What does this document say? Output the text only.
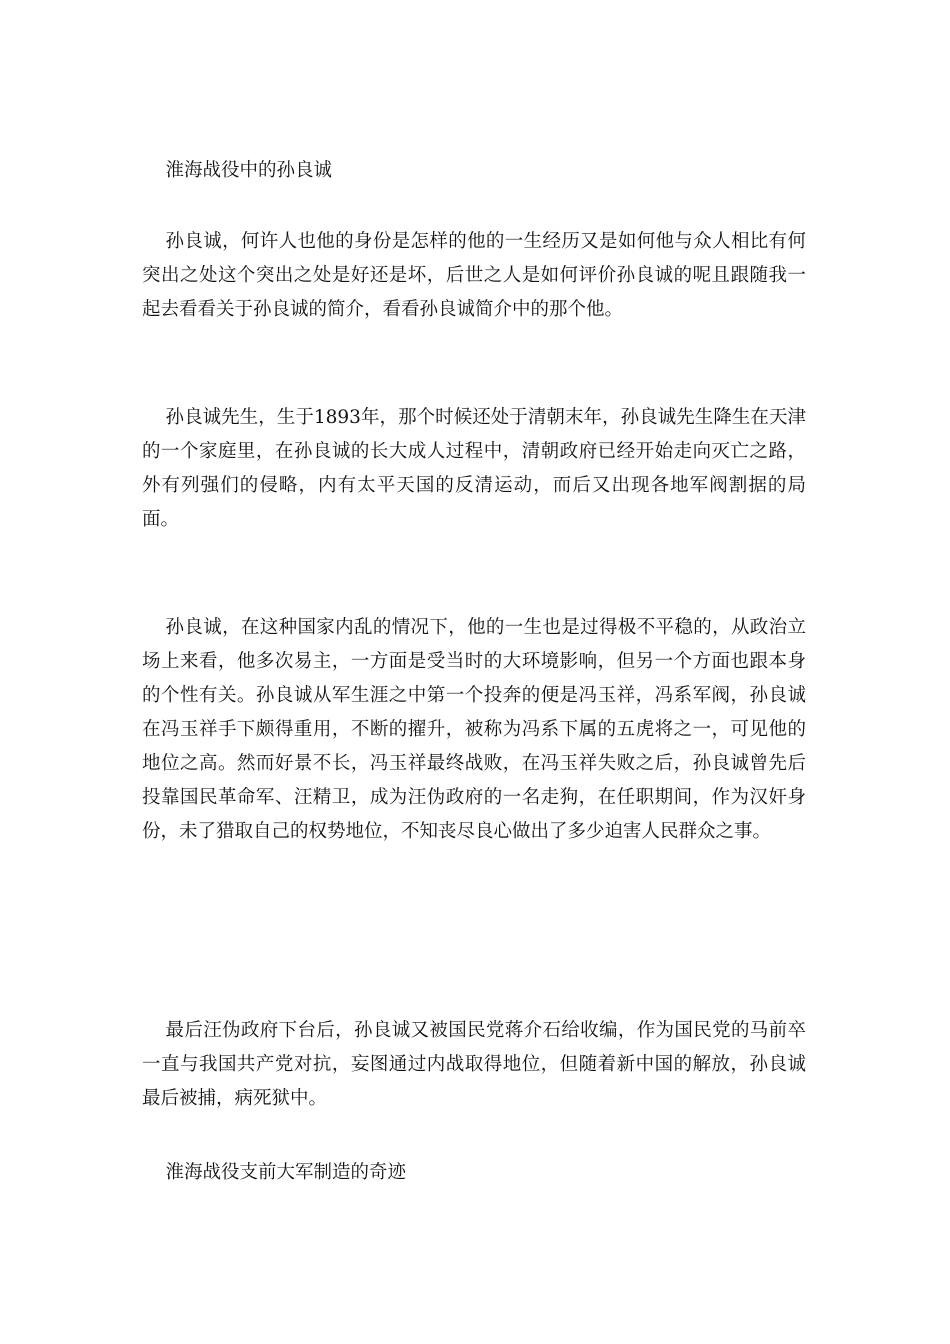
淮海战役中的孙良诚

孙良诚，何许人也他的身份是怎样的他的一生经历又是如何他与众人相比有何突出之处这个突出之处是好还是坏，后世之人是如何评价孙良诚的呢且跟随我一起去看看关于孙良诚的简介，看看孙良诚简介中的那个他。

孙良诚先生，生于1893年，那个时候还处于清朝末年，孙良诚先生降生在天津的一个家庭里，在孙良诚的长大成人过程中，清朝政府已经开始走向灭亡之路，外有列强们的侵略，内有太平天国的反清运动，而后又出现各地军阀割据的局面。

孙良诚，在这种国家内乱的情况下，他的一生也是过得极不平稳的，从政治立场上来看，他多次易主，一方面是受当时的大环境影响，但另一个方面也跟本身的个性有关。孙良诚从军生涯之中第一个投奔的便是冯玉祥，冯系军阀，孙良诚在冯玉祥手下颇得重用，不断的擢升，被称为冯系下属的五虎将之一，可见他的地位之高。然而好景不长，冯玉祥最终战败，在冯玉祥失败之后，孙良诚曾先后投靠国民革命军、汪精卫，成为汪伪政府的一名走狗，在任职期间，作为汉奸身份，未了猎取自己的权势地位，不知丧尽良心做出了多少迫害人民群众之事。

最后汪伪政府下台后，孙良诚又被国民党蒋介石给收编，作为国民党的马前卒一直与我国共产党对抗，妄图通过内战取得地位，但随着新中国的解放，孙良诚最后被捕，病死狱中。

淮海战役支前大军制造的奇迹
